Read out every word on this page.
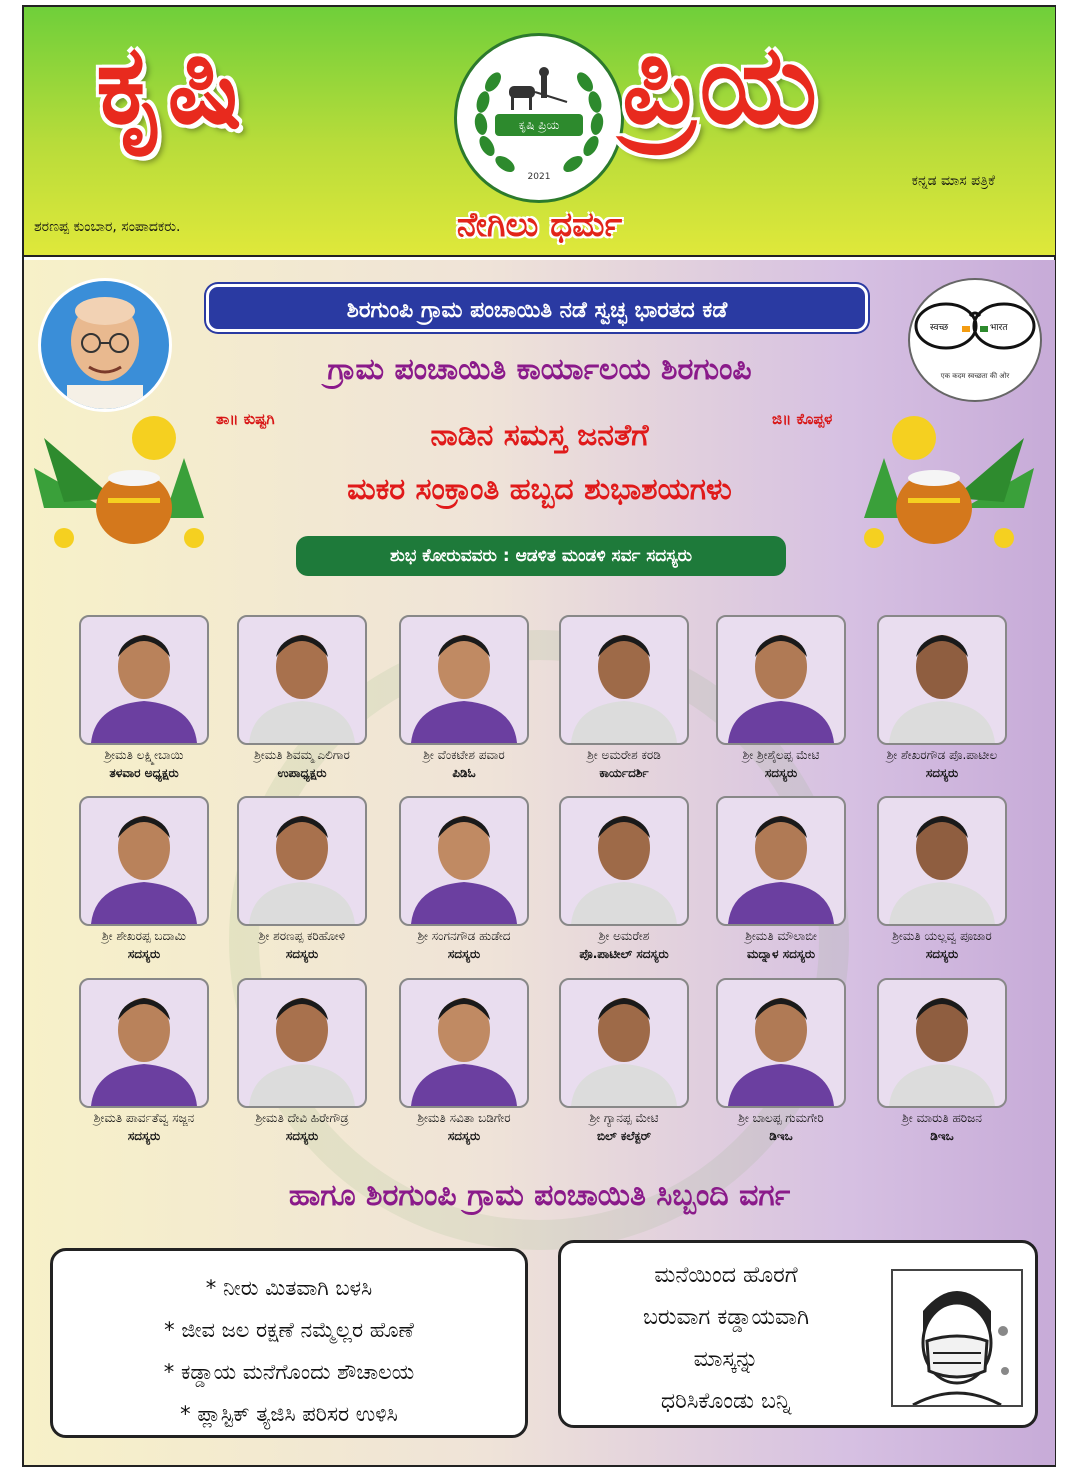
ಕೃಷಿ	ಕೃಷಿ ಪ್ರಿಯ
2021
ಪ್ರಿಯ
ಕನ್ನಡ ಮಾಸ ಪತ್ರಿಕೆ
ಶರಣಪ್ಪ ಕುಂಬಾರ, ಸಂಪಾದಕರು.	ನೇಗಿಲು ಧರ್ಮ
ಶಿರಗುಂಪಿ ಗ್ರಾಮ ಪಂಚಾಯಿತಿ ನಡೆ ಸ್ವಚ್ಛ ಭಾರತದ ಕಡೆ
स्वच्छ	भारत
एक कदम स्वच्छता की ओर
ಗ್ರಾಮ ಪಂಚಾಯಿತಿ ಕಾರ್ಯಾಲಯ ಶಿರಗುಂಪಿ
ತಾ॥ ಕುಷ್ಟಗಿ	ಜಿ॥ ಕೊಪ್ಪಳ
ನಾಡಿನ ಸಮಸ್ತ ಜನತೆಗೆ
ಮಕರ ಸಂಕ್ರಾಂತಿ ಹಬ್ಬದ ಶುಭಾಶಯಗಳು
ಶುಭ ಕೋರುವವರು : ಆಡಳಿತ ಮಂಡಳಿ ಸರ್ವ ಸದಸ್ಯರು
ಶ್ರೀಮತಿ ಲಕ್ಷ್ಮೀಬಾಯಿ
ತಳವಾರ ಅಧ್ಯಕ್ಷರು
ಶ್ರೀಮತಿ ಶಿವಮ್ಮ ಎಲಿಗಾರ
ಉಪಾಧ್ಯಕ್ಷರು
ಶ್ರೀ ವೆಂಕಟೇಶ ಪವಾರ
ಪಿಡಿಓ
ಶ್ರೀ ಅಮರೇಶ ಕರಡಿ
ಕಾರ್ಯದರ್ಶಿ
ಶ್ರೀ ಶ್ರೀಶೈಲಪ್ಪ ಮೇಟಿ
ಸದಸ್ಯರು
ಶ್ರೀ ಶೇಖರಗೌಡ ಪೊ.ಪಾಟೀಲ
ಸದಸ್ಯರು
ಶ್ರೀ ಶೇಖರಪ್ಪ ಬದಾಮಿ
ಸದಸ್ಯರು
ಶ್ರೀ ಶರಣಪ್ಪ ಕರಿಹೋಳಿ
ಸದಸ್ಯರು
ಶ್ರೀ ಸಂಗನಗೌಡ ಹುಡೇದ
ಸದಸ್ಯರು
ಶ್ರೀ ಅಮರೇಶ
ಪೊ.ಪಾಟೀಲ್ ಸದಸ್ಯರು
ಶ್ರೀಮತಿ ಮೌಲಾಬೀ
ಮದ್ನಾಳ ಸದಸ್ಯರು
ಶ್ರೀಮತಿ ಯಲ್ಲವ್ವ ಪೂಜಾರ
ಸದಸ್ಯರು
ಶ್ರೀಮತಿ ಪಾರ್ವತೆವ್ವ ಸಜ್ಜನ
ಸದಸ್ಯರು
ಶ್ರೀಮತಿ ದೇವಿ ಹಿರೇಗೌಡ್ರ
ಸದಸ್ಯರು
ಶ್ರೀಮತಿ ಸವಿತಾ ಬಡಿಗೇರ
ಸದಸ್ಯರು
ಶ್ರೀ ಗ್ಯಾನಪ್ಪ ಮೇಟಿ
ಬಿಲ್ ಕಲೆಕ್ಟರ್
ಶ್ರೀ ಬಾಲಪ್ಪ ಗುಮಗೇರಿ
ಡಿಇಒ
ಶ್ರೀ ಮಾರುತಿ ಹರಿಜನ
ಡಿಇಒ
ಹಾಗೂ ಶಿರಗುಂಪಿ ಗ್ರಾಮ ಪಂಚಾಯಿತಿ ಸಿಬ್ಬಂದಿ ವರ್ಗ
* ನೀರು ಮಿತವಾಗಿ ಬಳಸಿ
* ಜೀವ ಜಲ ರಕ್ಷಣೆ ನಮ್ಮೆಲ್ಲರ ಹೊಣೆ
* ಕಡ್ಡಾಯ ಮನೆಗೊಂದು ಶೌಚಾಲಯ
* ಪ್ಲಾಸ್ಟಿಕ್ ತ್ಯಜಿಸಿ ಪರಿಸರ ಉಳಿಸಿ
ಮನೆಯಿಂದ ಹೊರಗೆ
ಬರುವಾಗ ಕಡ್ಡಾಯವಾಗಿ
ಮಾಸ್ಕನ್ನು
ಧರಿಸಿಕೊಂಡು ಬನ್ನಿ
